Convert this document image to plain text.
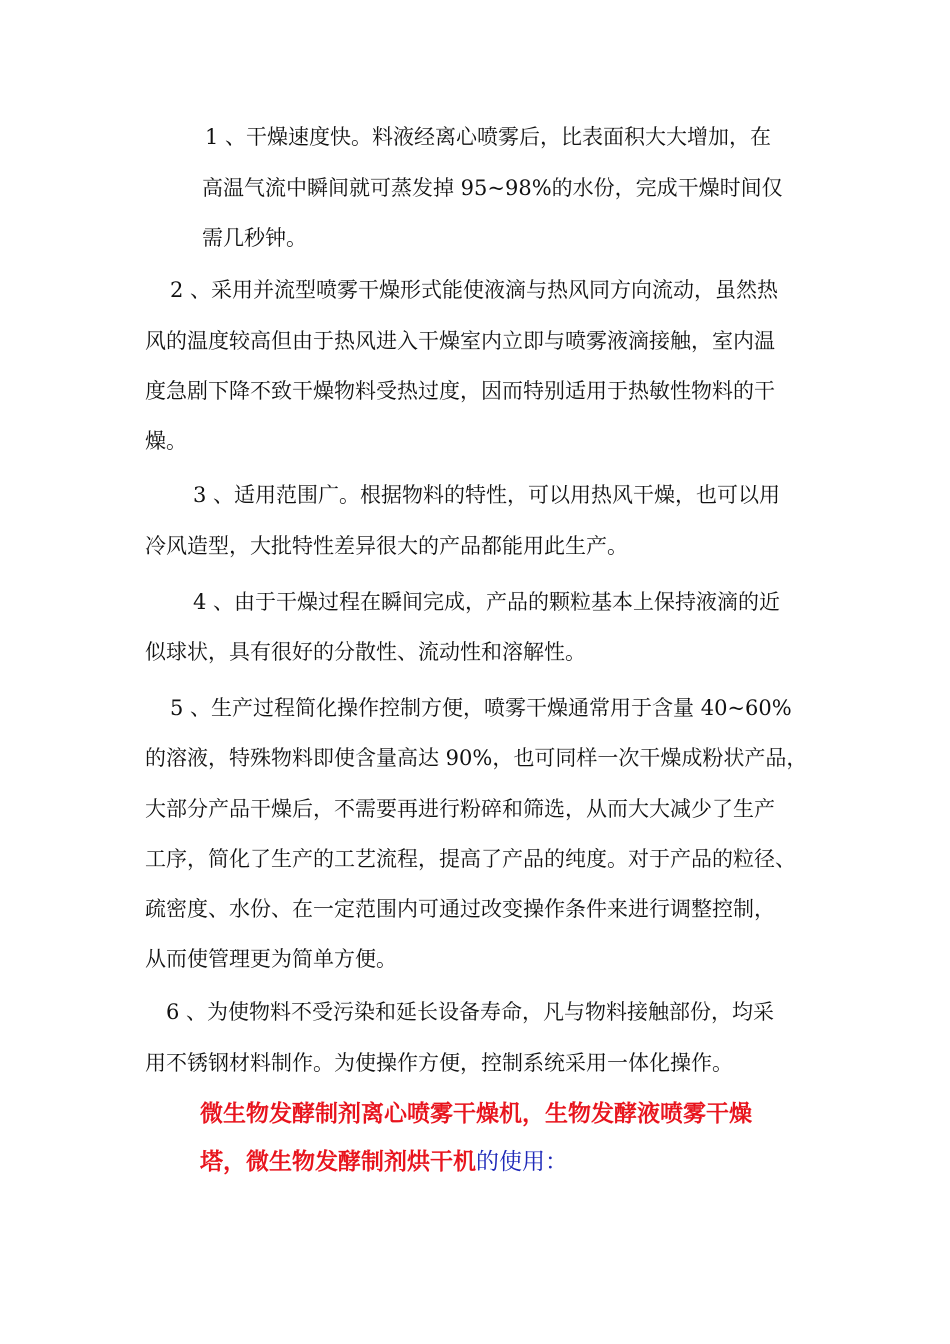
1 、干燥速度快。料液经离心喷雾后，比表面积大大增加，在
高温气流中瞬间就可蒸发掉 95~98%的水份，完成干燥时间仅
需几秒钟。
2 、采用并流型喷雾干燥形式能使液滴与热风同方向流动，虽然热
风的温度较高但由于热风进入干燥室内立即与喷雾液滴接触，室内温
度急剧下降不致干燥物料受热过度，因而特别适用于热敏性物料的干
燥。
3 、适用范围广。根据物料的特性，可以用热风干燥，也可以用
冷风造型，大批特性差异很大的产品都能用此生产。
4 、由于干燥过程在瞬间完成，产品的颗粒基本上保持液滴的近
似球状，具有很好的分散性、流动性和溶解性。
5 、生产过程简化操作控制方便，喷雾干燥通常用于含量 40~60%
的溶液，特殊物料即使含量高达 90%，也可同样一次干燥成粉状产品，
大部分产品干燥后，不需要再进行粉碎和筛选，从而大大减少了生产
工序，简化了生产的工艺流程，提高了产品的纯度。对于产品的粒径、
疏密度、水份、在一定范围内可通过改变操作条件来进行调整控制，
从而使管理更为简单方便。
6 、为使物料不受污染和延长设备寿命，凡与物料接触部份，均采
用不锈钢材料制作。为使操作方便，控制系统采用一体化操作。
微生物发酵制剂离心喷雾干燥机，生物发酵液喷雾干燥
塔，微生物发酵制剂烘干机的使用：
